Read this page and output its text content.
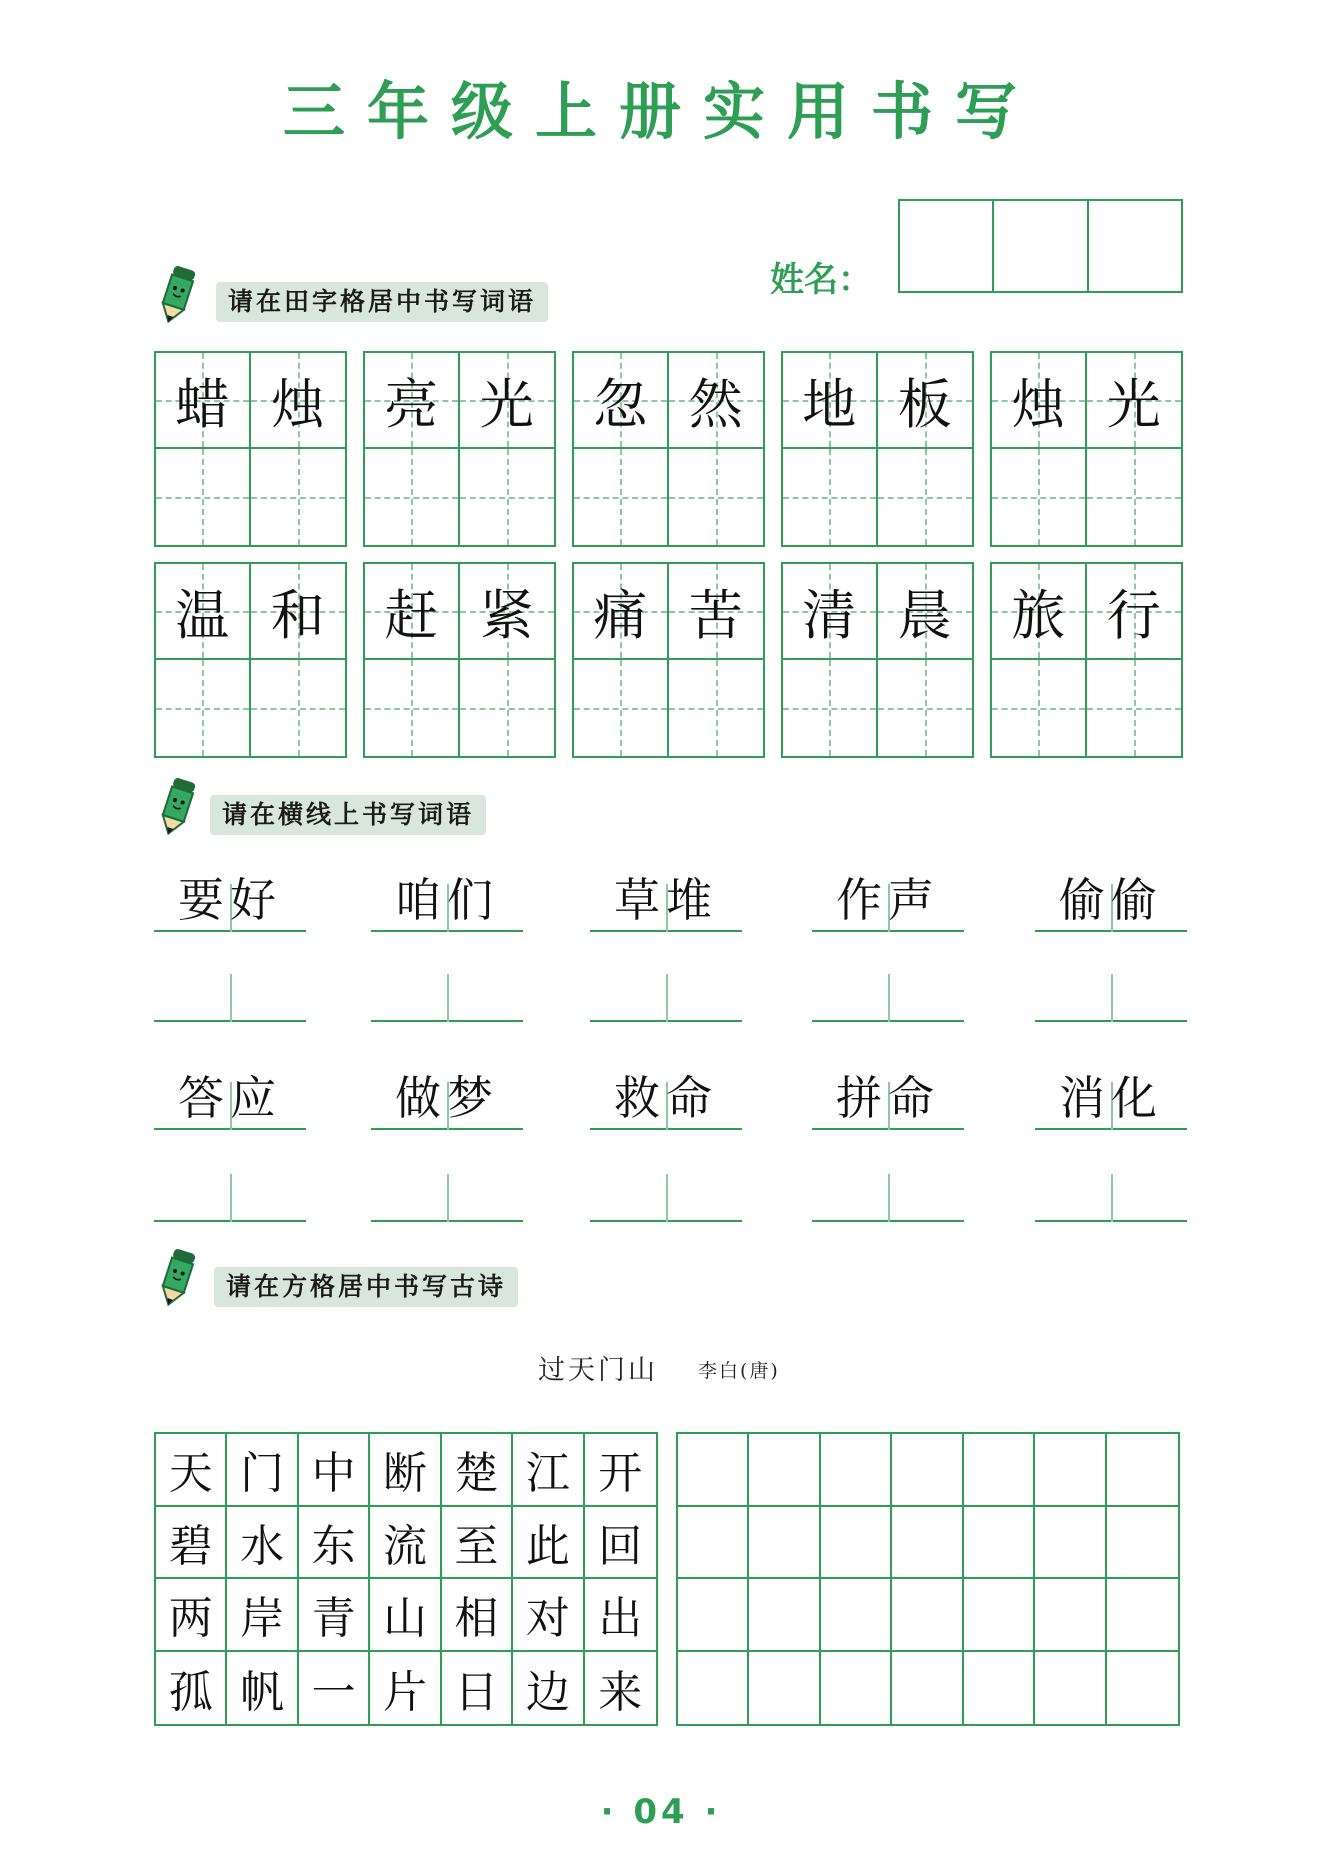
三年级上册实用书写
姓名：
请在田字格居中书写词语
蜡 烛 亮 光 忽 然 地 板 烛 光
温 和 赶 紧 痛 苦 清 晨 旅 行
请在横线上书写词语
要好	咱们	草堆	作声	偷偷
答应	做梦	救命	拼命	消化
请在方格居中书写古诗
过天门山 李白(唐)
天 门 中 断 楚 江 开
碧 水 东 流 至 此 回
两 岸 青 山 相 对 出
孤 帆 一 片 日 边 来
· 04 ·
